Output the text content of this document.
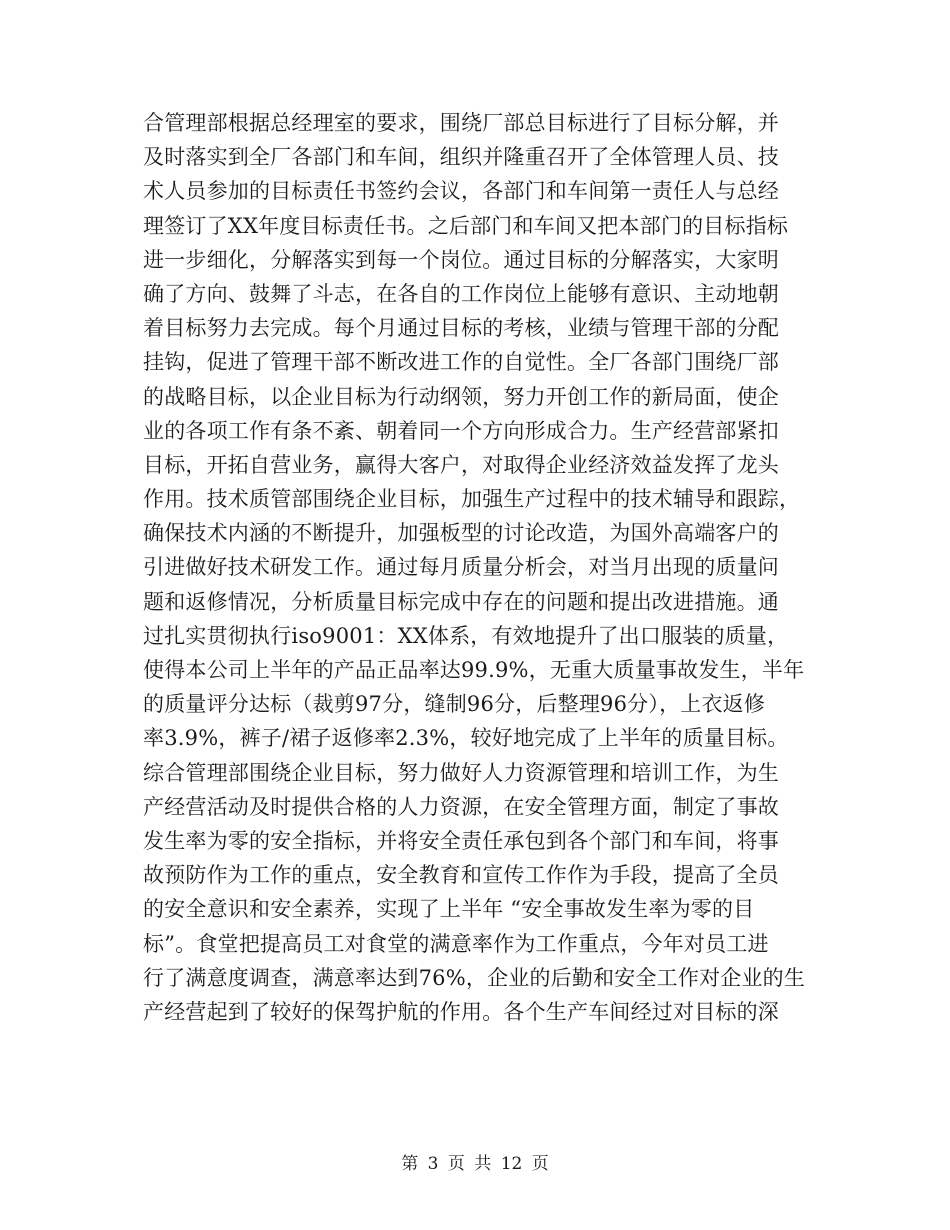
合管理部根据总经理室的要求，围绕厂部总目标进行了目标分解，并
及时落实到全厂各部门和车间，组织并隆重召开了全体管理人员、技
术人员参加的目标责任书签约会议，各部门和车间第一责任人与总经
理签订了XX年度目标责任书。之后部门和车间又把本部门的目标指标
进一步细化，分解落实到每一个岗位。通过目标的分解落实，大家明
确了方向、鼓舞了斗志，在各自的工作岗位上能够有意识、主动地朝
着目标努力去完成。每个月通过目标的考核，业绩与管理干部的分配
挂钩，促进了管理干部不断改进工作的自觉性。全厂各部门围绕厂部
的战略目标，以企业目标为行动纲领，努力开创工作的新局面，使企
业的各项工作有条不紊、朝着同一个方向形成合力。生产经营部紧扣
目标，开拓自营业务，赢得大客户，对取得企业经济效益发挥了龙头
作用。技术质管部围绕企业目标，加强生产过程中的技术辅导和跟踪，
确保技术内涵的不断提升，加强板型的讨论改造，为国外高端客户的
引进做好技术研发工作。通过每月质量分析会，对当月出现的质量问
题和返修情况，分析质量目标完成中存在的问题和提出改进措施。通
过扎实贯彻执行iso9001：XX体系，有效地提升了出口服装的质量，
使得本公司上半年的产品正品率达99.9%，无重大质量事故发生，半年
的质量评分达标（裁剪97分，缝制96分，后整理96分），上衣返修
率3.9%，裤子/裙子返修率2.3%，较好地完成了上半年的质量目标。
综合管理部围绕企业目标，努力做好人力资源管理和培训工作，为生
产经营活动及时提供合格的人力资源，在安全管理方面，制定了事故
发生率为零的安全指标，并将安全责任承包到各个部门和车间，将事
故预防作为工作的重点，安全教育和宣传工作作为手段，提高了全员
的安全意识和安全素养，实现了上半年 “安全事故发生率为零的目
标”。食堂把提高员工对食堂的满意率作为工作重点，今年对员工进
行了满意度调查，满意率达到76%，企业的后勤和安全工作对企业的生
产经营起到了较好的保驾护航的作用。各个生产车间经过对目标的深
第 3 页 共 12 页
